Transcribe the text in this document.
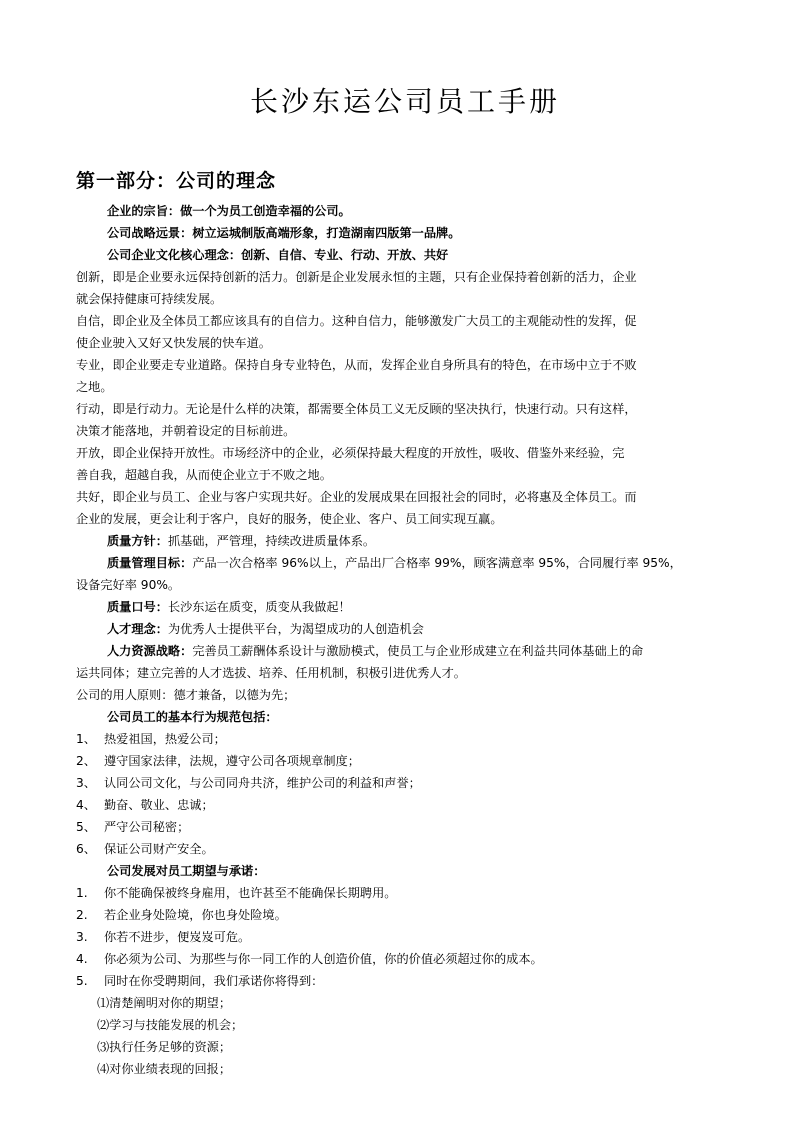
长沙东运公司员工手册
第一部分：公司的理念

企业的宗旨：做一个为员工创造幸福的公司。

公司战略远景：树立运城制版高端形象，打造湖南四版第一品牌。

公司企业文化核心理念：创新、自信、专业、行动、开放、共好

创新，即是企业要永远保持创新的活力。创新是企业发展永恒的主题，只有企业保持着创新的活力，企业

就会保持健康可持续发展。

自信，即企业及全体员工都应该具有的自信力。这种自信力，能够激发广大员工的主观能动性的发挥，促

使企业驶入又好又快发展的快车道。

专业，即企业要走专业道路。保持自身专业特色，从而，发挥企业自身所具有的特色，在市场中立于不败

之地。

行动，即是行动力。无论是什么样的决策，都需要全体员工义无反顾的坚决执行，快速行动。只有这样，

决策才能落地，并朝着设定的目标前进。

开放，即企业保持开放性。市场经济中的企业，必须保持最大程度的开放性，吸收、借鉴外来经验，完

善自我，超越自我，从而使企业立于不败之地。

共好，即企业与员工、企业与客户实现共好。企业的发展成果在回报社会的同时，必将惠及全体员工。而

企业的发展，更会让利于客户，良好的服务，使企业、客户、员工间实现互赢。

质量方针：抓基础，严管理，持续改进质量体系。

质量管理目标：产品一次合格率 96%以上，产品出厂合格率 99%，顾客满意率 95%，合同履行率 95%，

设备完好率 90%。

质量口号：长沙东运在质变，质变从我做起！

人才理念：为优秀人士提供平台，为渴望成功的人创造机会

人力资源战略：完善员工薪酬体系设计与激励模式，使员工与企业形成建立在利益共同体基础上的命

运共同体；建立完善的人才选拔、培养、任用机制，积极引进优秀人才。

公司的用人原则：德才兼备，以德为先；

公司员工的基本行为规范包括：

1、 热爱祖国，热爱公司；
2、 遵守国家法律，法规，遵守公司各项规章制度；
3、 认同公司文化，与公司同舟共济，维护公司的利益和声誉；
4、 勤奋、敬业、忠诚；
5、 严守公司秘密；
6、 保证公司财产安全。

公司发展对员工期望与承诺：

1.	你不能确保被终身雇用，也许甚至不能确保长期聘用。
2.	若企业身处险境，你也身处险境。
3.	你若不进步，便岌岌可危。
4.	你必须为公司、为那些与你一同工作的人创造价值，你的价值必须超过你的成本。
5.	同时在你受聘期间，我们承诺你将得到：

⑴清楚阐明对你的期望；

⑵学习与技能发展的机会；

⑶执行任务足够的资源；

⑷对你业绩表现的回报；
